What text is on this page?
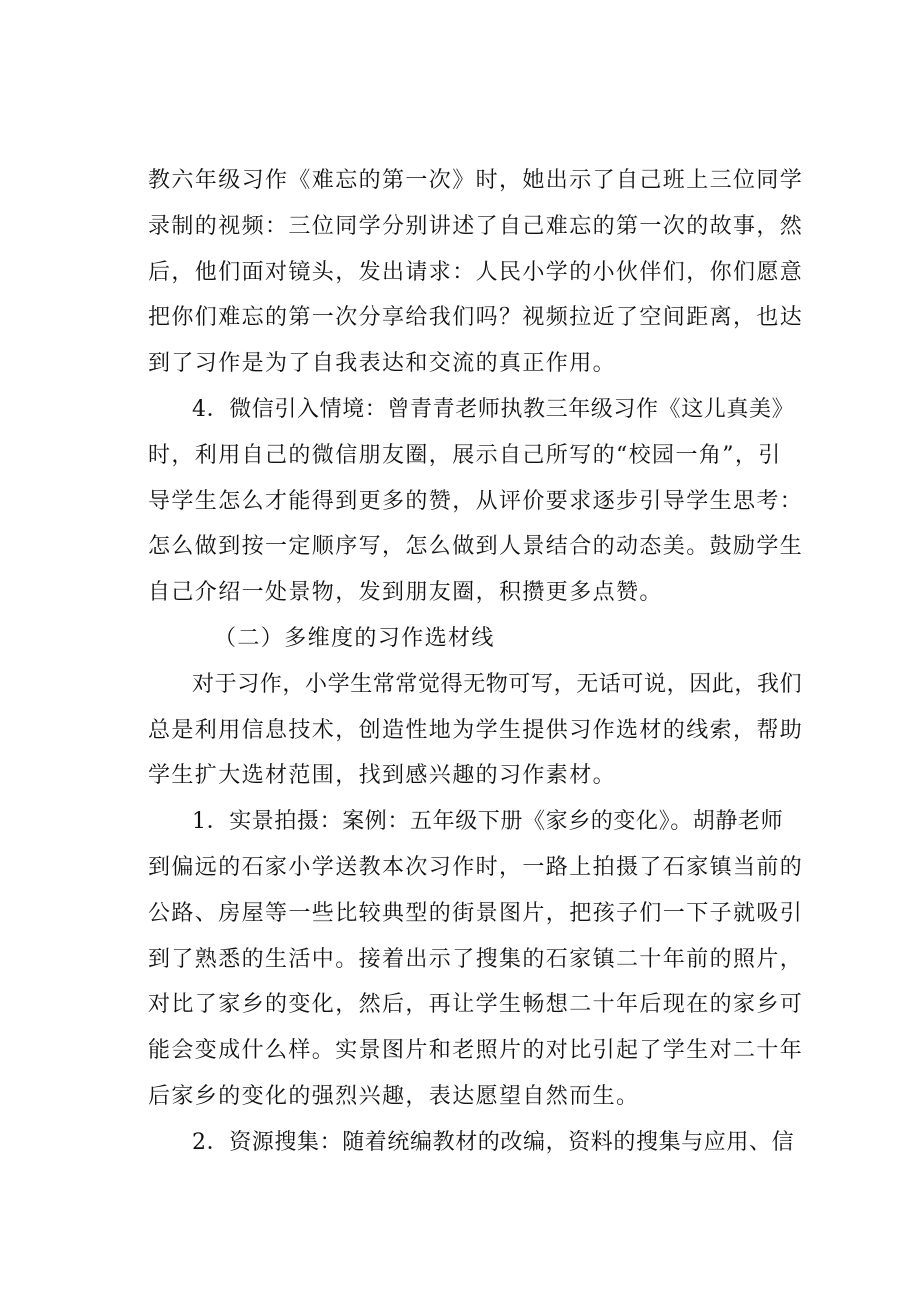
教六年级习作《难忘的第一次》时，她出示了自己班上三位同学
录制的视频：三位同学分别讲述了自己难忘的第一次的故事，然
后，他们面对镜头，发出请求：人民小学的小伙伴们，你们愿意
把你们难忘的第一次分享给我们吗？视频拉近了空间距离，也达
到了习作是为了自我表达和交流的真正作用。
4．微信引入情境：曾青青老师执教三年级习作《这儿真美》
时，利用自己的微信朋友圈，展示自己所写的“校园一角”，引
导学生怎么才能得到更多的赞，从评价要求逐步引导学生思考：
怎么做到按一定顺序写，怎么做到人景结合的动态美。鼓励学生
自己介绍一处景物，发到朋友圈，积攒更多点赞。
（二）多维度的习作选材线
对于习作，小学生常常觉得无物可写，无话可说，因此，我们
总是利用信息技术，创造性地为学生提供习作选材的线索，帮助
学生扩大选材范围，找到感兴趣的习作素材。
1．实景拍摄：案例：五年级下册《家乡的变化》。胡静老师
到偏远的石家小学送教本次习作时，一路上拍摄了石家镇当前的
公路、房屋等一些比较典型的街景图片，把孩子们一下子就吸引
到了熟悉的生活中。接着出示了搜集的石家镇二十年前的照片，
对比了家乡的变化，然后，再让学生畅想二十年后现在的家乡可
能会变成什么样。实景图片和老照片的对比引起了学生对二十年
后家乡的变化的强烈兴趣，表达愿望自然而生。
2．资源搜集：随着统编教材的改编，资料的搜集与应用、信
